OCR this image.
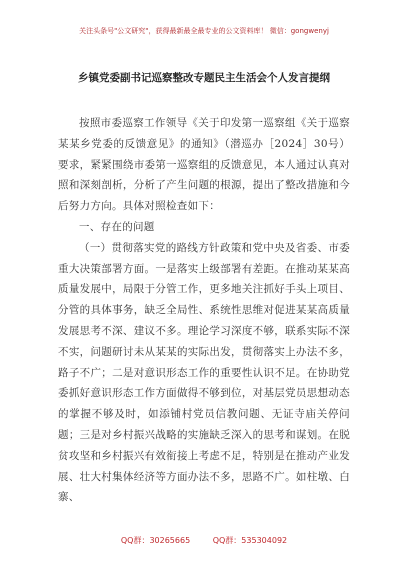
关注头条号"公文研究"，获得最新最全最专业的公文资料库！ 微信：gongwenyj
乡镇党委副书记巡察整改专题民主生活会个人发言提纲

按照市委巡察工作领导《关于印发第一巡察组《关于巡察某某乡党委的反馈意见》的通知》（潜巡办［2024］30号）要求，紧紧围绕市委第一巡察组的反馈意见，本人通过认真对照和深刻剖析，分析了产生问题的根源，提出了整改措施和今后努力方向。具体对照检查如下：

一、存在的问题

（一）贯彻落实党的路线方针政策和党中央及省委、市委重大决策部署方面。一是落实上级部署有差距。在推动某某高质量发展中，局限于分管工作，更多地关注抓好手头上项目、分管的具体事务，缺乏全局性、系统性思维对促进某某高质量发展思考不深、建议不多。理论学习深度不够，联系实际不深不实，问题研讨未从某某的实际出发，贯彻落实上办法不多，路子不广；二是对意识形态工作的重要性认识不足。在协助党委抓好意识形态工作方面做得不够到位，对基层党员思想动态的掌握不够及时，如添铺村党员信教问题、无证寺庙关停问题；三是对乡村振兴战略的实施缺乏深入的思考和谋划。在脱贫攻坚和乡村振兴有效衔接上考虑不足，特别是在推动产业发展、壮大村集体经济等方面办法不多，思路不广。如柱墩、白寨、

QQ群：30265665	QQ群：535304092
